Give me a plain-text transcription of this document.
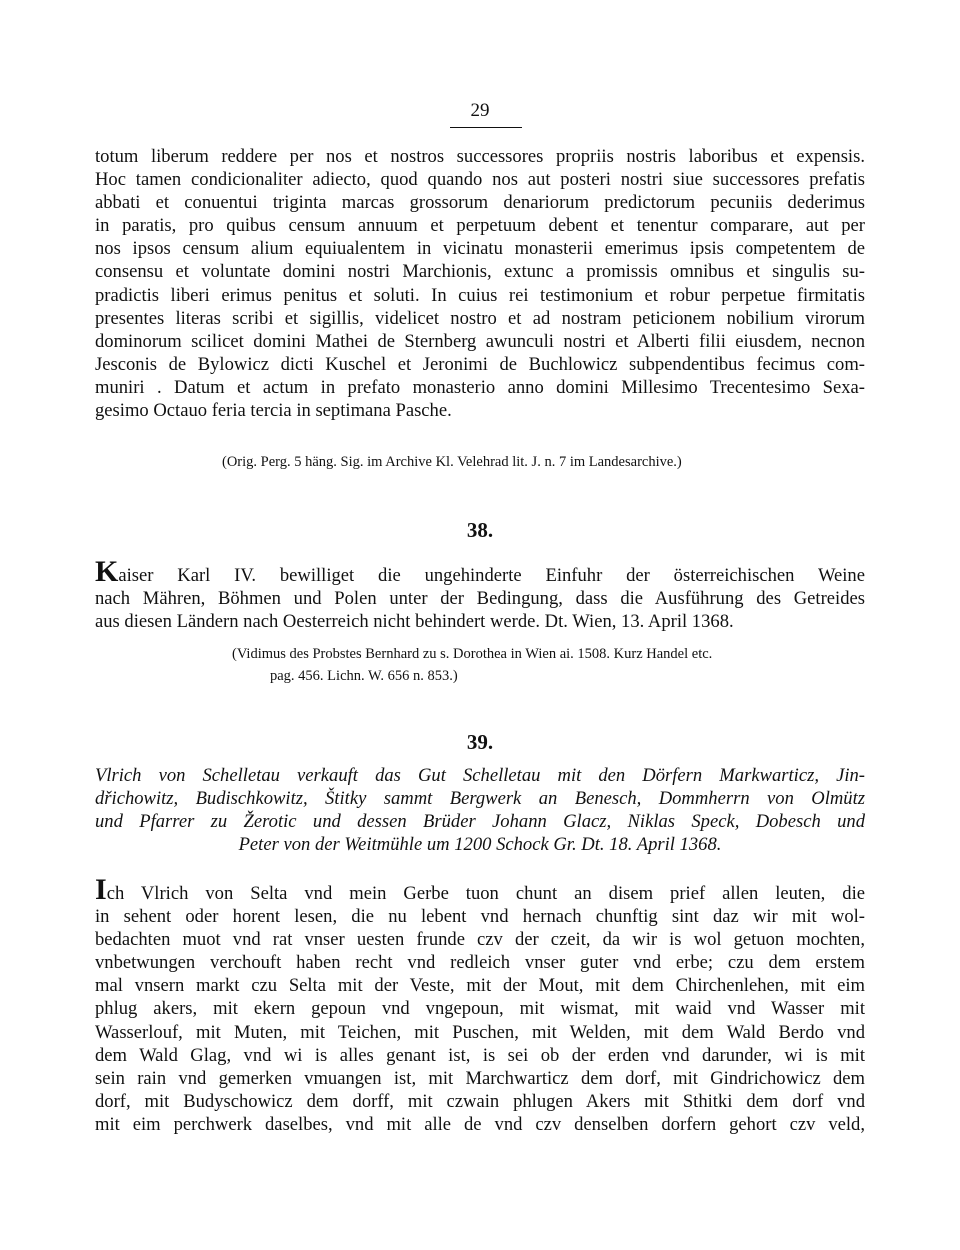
29
totum liberum reddere per nos et nostros successores propriis nostris laboribus et expensis.
Hoc tamen condicionaliter adiecto, quod quando nos aut posteri nostri siue successores prefatis
abbati et conuentui triginta marcas grossorum denariorum predictorum pecuniis dederimus
in paratis, pro quibus censum annuum et perpetuum debent et tenentur comparare, aut per
nos ipsos censum alium equiualentem in vicinatu monasterii emerimus ipsis competentem de
consensu et voluntate domini nostri Marchionis, extunc a promissis omnibus et singulis su-
pradictis liberi erimus penitus et soluti. In cuius rei testimonium et robur perpetue firmitatis
presentes literas scribi et sigillis, videlicet nostro et ad nostram peticionem nobilium virorum
dominorum scilicet domini Mathei de Sternberg awunculi nostri et Alberti filii eiusdem, necnon
Jesconis de Bylowicz dicti Kuschel et Jeronimi de Buchlowicz subpendentibus fecimus com-
muniri . Datum et actum in prefato monasterio anno domini Millesimo Trecentesimo Sexa-
gesimo Octauo feria tercia in septimana Pasche.
(Orig. Perg. 5 häng. Sig. im Archive Kl. Velehrad lit. J. n. 7 im Landesarchive.)
38.
Kaiser Karl IV. bewilliget die ungehinderte Einfuhr der österreichischen Weine
nach Mähren, Böhmen und Polen unter der Bedingung, dass die Ausführung des Getreides
aus diesen Ländern nach Oesterreich nicht behindert werde. Dt. Wien, 13. April 1368.
(Vidimus des Probstes Bernhard zu s. Dorothea in Wien ai. 1508. Kurz Handel etc.
pag. 456. Lichn. W. 656 n. 853.)
39.
Vlrich von Schelletau verkauft das Gut Schelletau mit den Dörfern Markwarticz, Jin-
dřichowitz, Budischkowitz, Štitky sammt Bergwerk an Benesch, Dommherrn von Olmütz
und Pfarrer zu Žerotic und dessen Brüder Johann Glacz, Niklas Speck, Dobesch und
Peter von der Weitmühle um 1200 Schock Gr. Dt. 18. April 1368.
Ich Vlrich von Selta vnd mein Gerbe tuon chunt an disem prief allen leuten, die
in sehent oder horent lesen, die nu lebent vnd hernach chunftig sint daz wir mit wol-
bedachten muot vnd rat vnser uesten frunde czv der czeit, da wir is wol getuon mochten,
vnbetwungen verchouft haben recht vnd redleich vnser guter vnd erbe; czu dem erstem
mal vnsern markt czu Selta mit der Veste, mit der Mout, mit dem Chirchenlehen, mit eim
phlug akers, mit ekern gepoun vnd vngepoun, mit wismat, mit waid vnd Wasser mit
Wasserlouf, mit Muten, mit Teichen, mit Puschen, mit Welden, mit dem Wald Berdo vnd
dem Wald Glag, vnd wi is alles genant ist, is sei ob der erden vnd darunder, wi is mit
sein rain vnd gemerken vmuangen ist, mit Marchwarticz dem dorf, mit Gindrichowicz dem
dorf, mit Budyschowicz dem dorff, mit czwain phlugen Akers mit Sthitki dem dorf vnd
mit eim perchwerk daselbes, vnd mit alle de vnd czv denselben dorfern gehort czv veld,
